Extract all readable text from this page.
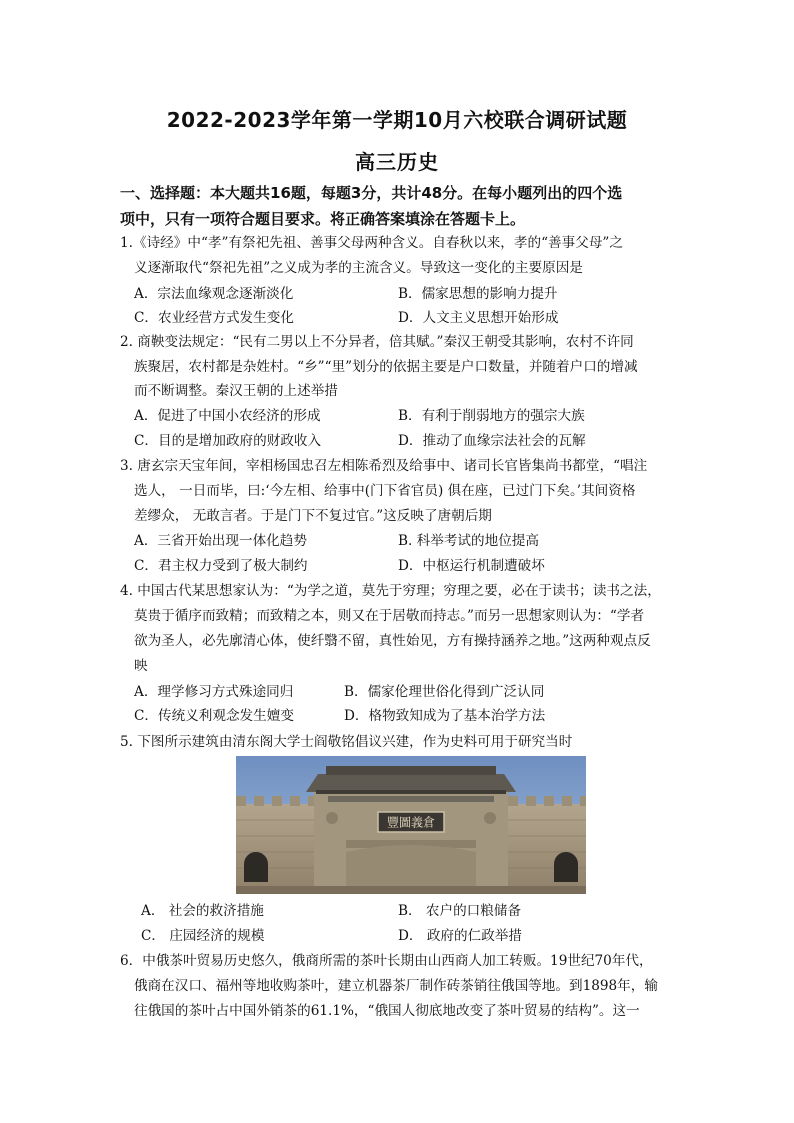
2022-2023学年第一学期10月六校联合调研试题
高三历史
一、选择题：本大题共16题，每题3分，共计48分。在每小题列出的四个选
项中，只有一项符合题目要求。将正确答案填涂在答题卡上。
1.《诗经》中“孝”有祭祀先祖、善事父母两种含义。自春秋以来，孝的“善事父母”之
义逐渐取代“祭祀先祖”之义成为孝的主流含义。导致这一变化的主要原因是
A．宗法血缘观念逐渐淡化	B．儒家思想的影响力提升
C．农业经营方式发生变化	D．人文主义思想开始形成
2. 商鞅变法规定：“民有二男以上不分异者，倍其赋。”秦汉王朝受其影响，农村不许同
族聚居，农村都是杂姓村。“乡”“里”划分的依据主要是户口数量，并随着户口的增减
而不断调整。秦汉王朝的上述举措
A．促进了中国小农经济的形成	B．有利于削弱地方的强宗大族
C．目的是增加政府的财政收入	D．推动了血缘宗法社会的瓦解
3. 唐玄宗天宝年间，宰相杨国忠召左相陈希烈及给事中、诸司长官皆集尚书都堂，“唱注
选人， 一日而毕，曰:‘今左相、给事中(门下省官员) 俱在座，已过门下矣。’其间资格
差缪众， 无敢言者。于是门下不复过官。”这反映了唐朝后期
A．三省开始出现一体化趋势	B. 科举考试的地位提高
C．君主权力受到了极大制约	D．中枢运行机制遭破坏
4. 中国古代某思想家认为：“为学之道，莫先于穷理；穷理之要，必在于读书；读书之法，
莫贵于循序而致精；而致精之本，则又在于居敬而持志。”而另一思想家则认为：“学者
欲为圣人，必先廓清心体，使纤翳不留，真性始见，方有操持涵养之地。”这两种观点反
映
A．理学修习方式殊途同归	B．儒家伦理世俗化得到广泛认同
C．传统义利观念发生嬗变	D．格物致知成为了基本治学方法
5. 下图所示建筑由清东阁大学士阎敬铭倡议兴建，作为史料可用于研究当时
豐圖義倉
A． 社会的救济措施	B． 农户的口粮储备
C． 庄园经济的规模	D． 政府的仁政举措
6．中俄茶叶贸易历史悠久，俄商所需的茶叶长期由山西商人加工转贩。19世纪70年代，
俄商在汉口、福州等地收购茶叶，建立机器茶厂制作砖茶销往俄国等地。到1898年，输
往俄国的茶叶占中国外销茶的61.1%，“俄国人彻底地改变了茶叶贸易的结构”。这一
